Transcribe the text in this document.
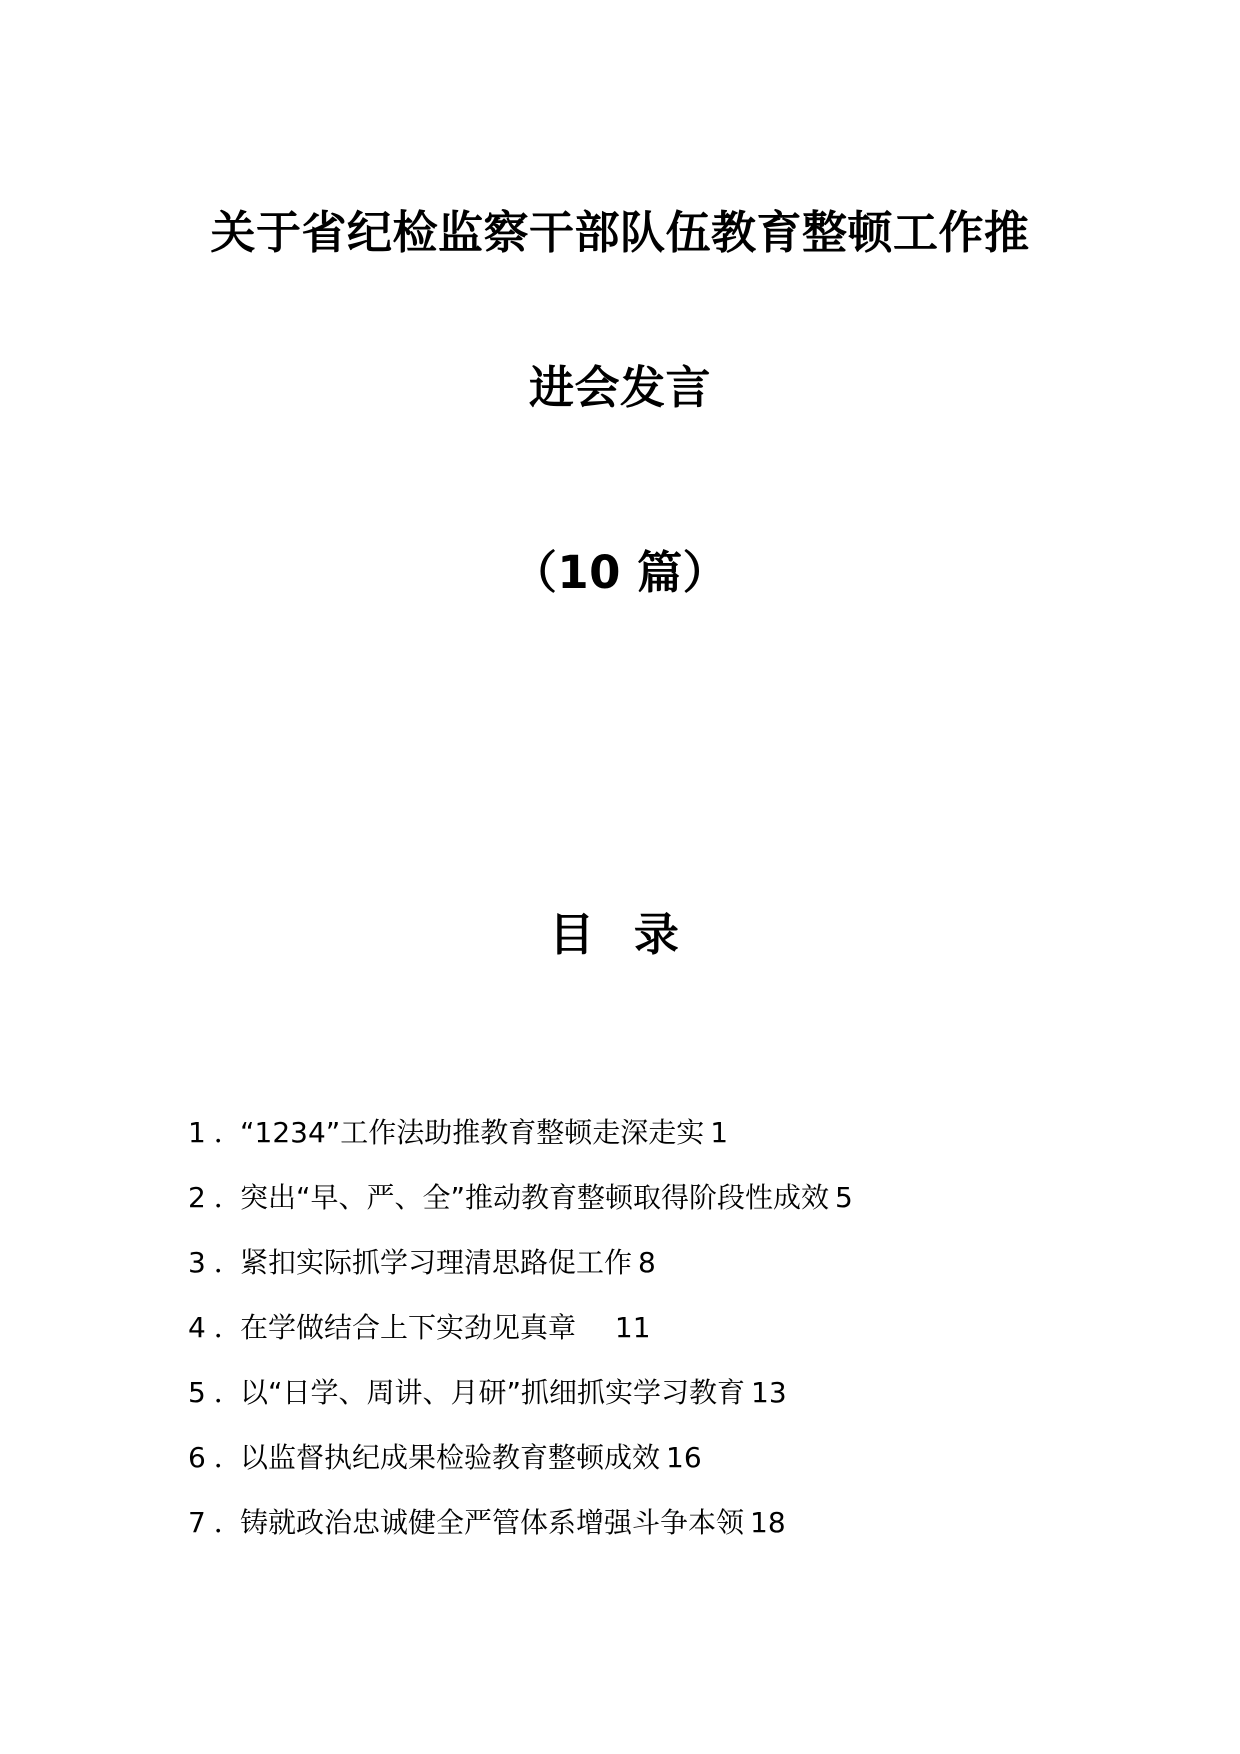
关于省纪检监察干部队伍教育整顿工作推
进会发言
（10 篇）
目 录
1．“1234”工作法助推教育整顿走深走实 1
2．突出“早、严、全”推动教育整顿取得阶段性成效 5
3．紧扣实际抓学习理清思路促工作 8
4．在学做结合上下实劲见真章 11
5．以“日学、周讲、月研”抓细抓实学习教育 13
6．以监督执纪成果检验教育整顿成效 16
7．铸就政治忠诚健全严管体系增强斗争本领 18
